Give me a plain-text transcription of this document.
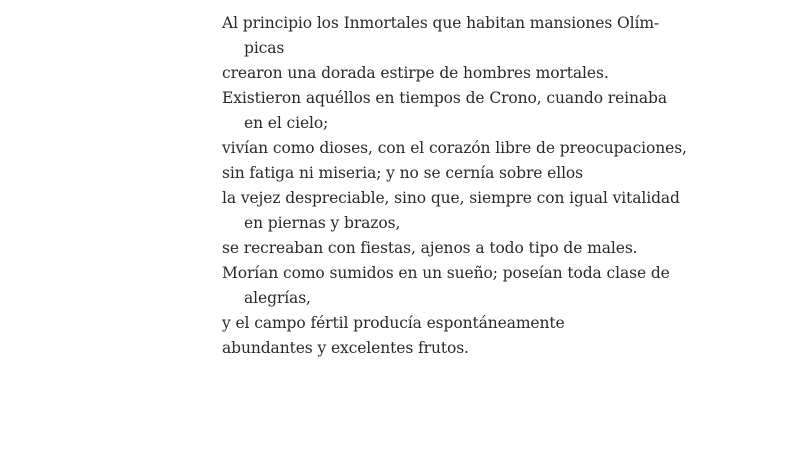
Al principio los Inmortales que habitan mansiones Olím-
picas
crearon una dorada estirpe de hombres mortales.
Existieron aquéllos en tiempos de Crono, cuando reinaba
en el cielo;
vivían como dioses, con el corazón libre de preocupaciones,
sin fatiga ni miseria; y no se cernía sobre ellos
la vejez despreciable, sino que, siempre con igual vitalidad
en piernas y brazos,
se recreaban con fiestas, ajenos a todo tipo de males.
Morían como sumidos en un sueño; poseían toda clase de
alegrías,
y el campo fértil producía espontáneamente
abundantes y excelentes frutos.
